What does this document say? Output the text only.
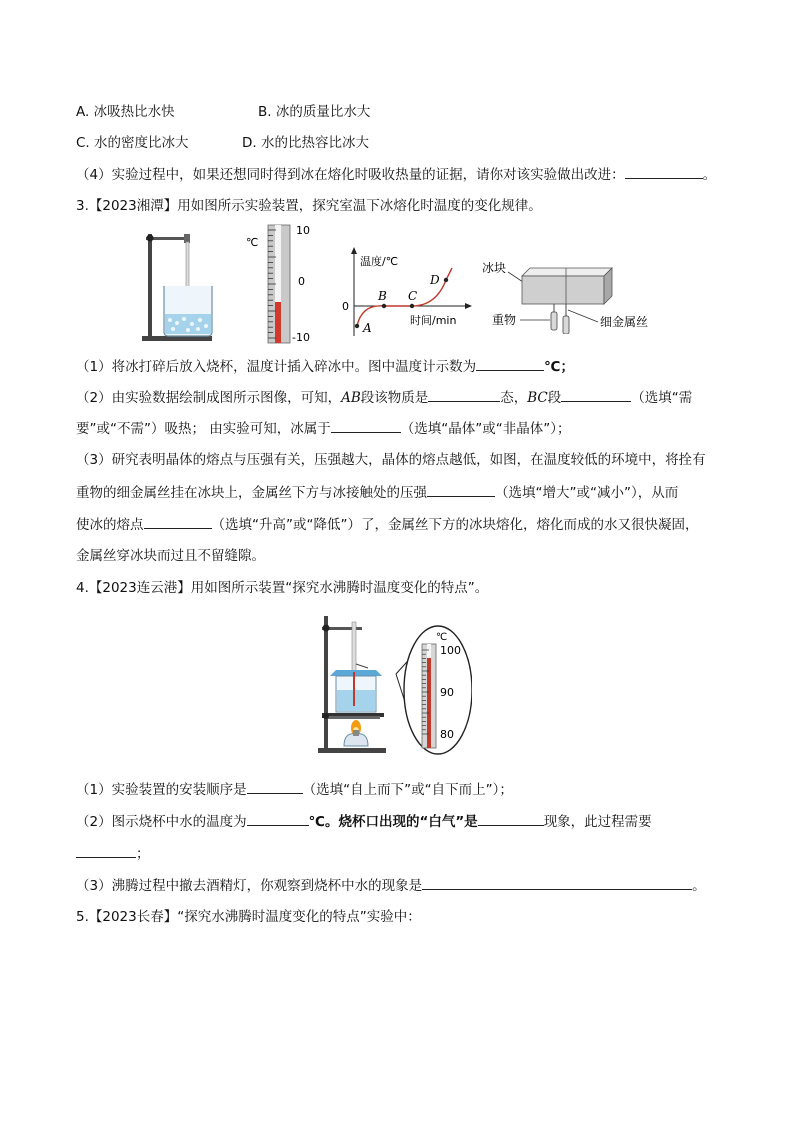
A. 冰吸热比水快	B. 冰的质量比水大
C. 水的密度比冰大	D. 水的比热容比冰大
（4）实验过程中，如果还想同时得到冰在熔化时吸收热量的证据，请你对该实验做出改进：	。
3.【2023湘潭】用如图所示实验装置，探究室温下冰熔化时温度的变化规律。
℃
10
0
-10
温度/℃
时间/min
0
A
B C
D
冰块
重物	细金属丝
（1）将冰打碎后放入烧杯，温度计插入碎冰中。图中温度计示数为	℃；
（2）由实验数据绘制成图所示图像，可知，AB段该物质是	态，BC段	（选填“需
要”或“不需”）吸热； 由实验可知，冰属于	（选填“晶体”或“非晶体”）；
（3）研究表明晶体的熔点与压强有关，压强越大，晶体的熔点越低，如图，在温度较低的环境中，将拴有
重物的细金属丝挂在冰块上，金属丝下方与冰接触处的压强	（选填“增大”或“减小”），从而
使冰的熔点	（选填“升高”或“降低”）了，金属丝下方的冰块熔化，熔化而成的水又很快凝固，
金属丝穿冰块而过且不留缝隙。
4.【2023连云港】用如图所示装置“探究水沸腾时温度变化的特点”。
℃
100
90
80
（1）实验装置的安装顺序是	（选填“自上而下”或“自下而上”）；
（2）图示烧杯中水的温度为	℃。烧杯口出现的“白气”是	现象，此过程需要
；
（3）沸腾过程中撤去酒精灯，你观察到烧杯中水的现象是	。
5.【2023长春】“探究水沸腾时温度变化的特点”实验中：
